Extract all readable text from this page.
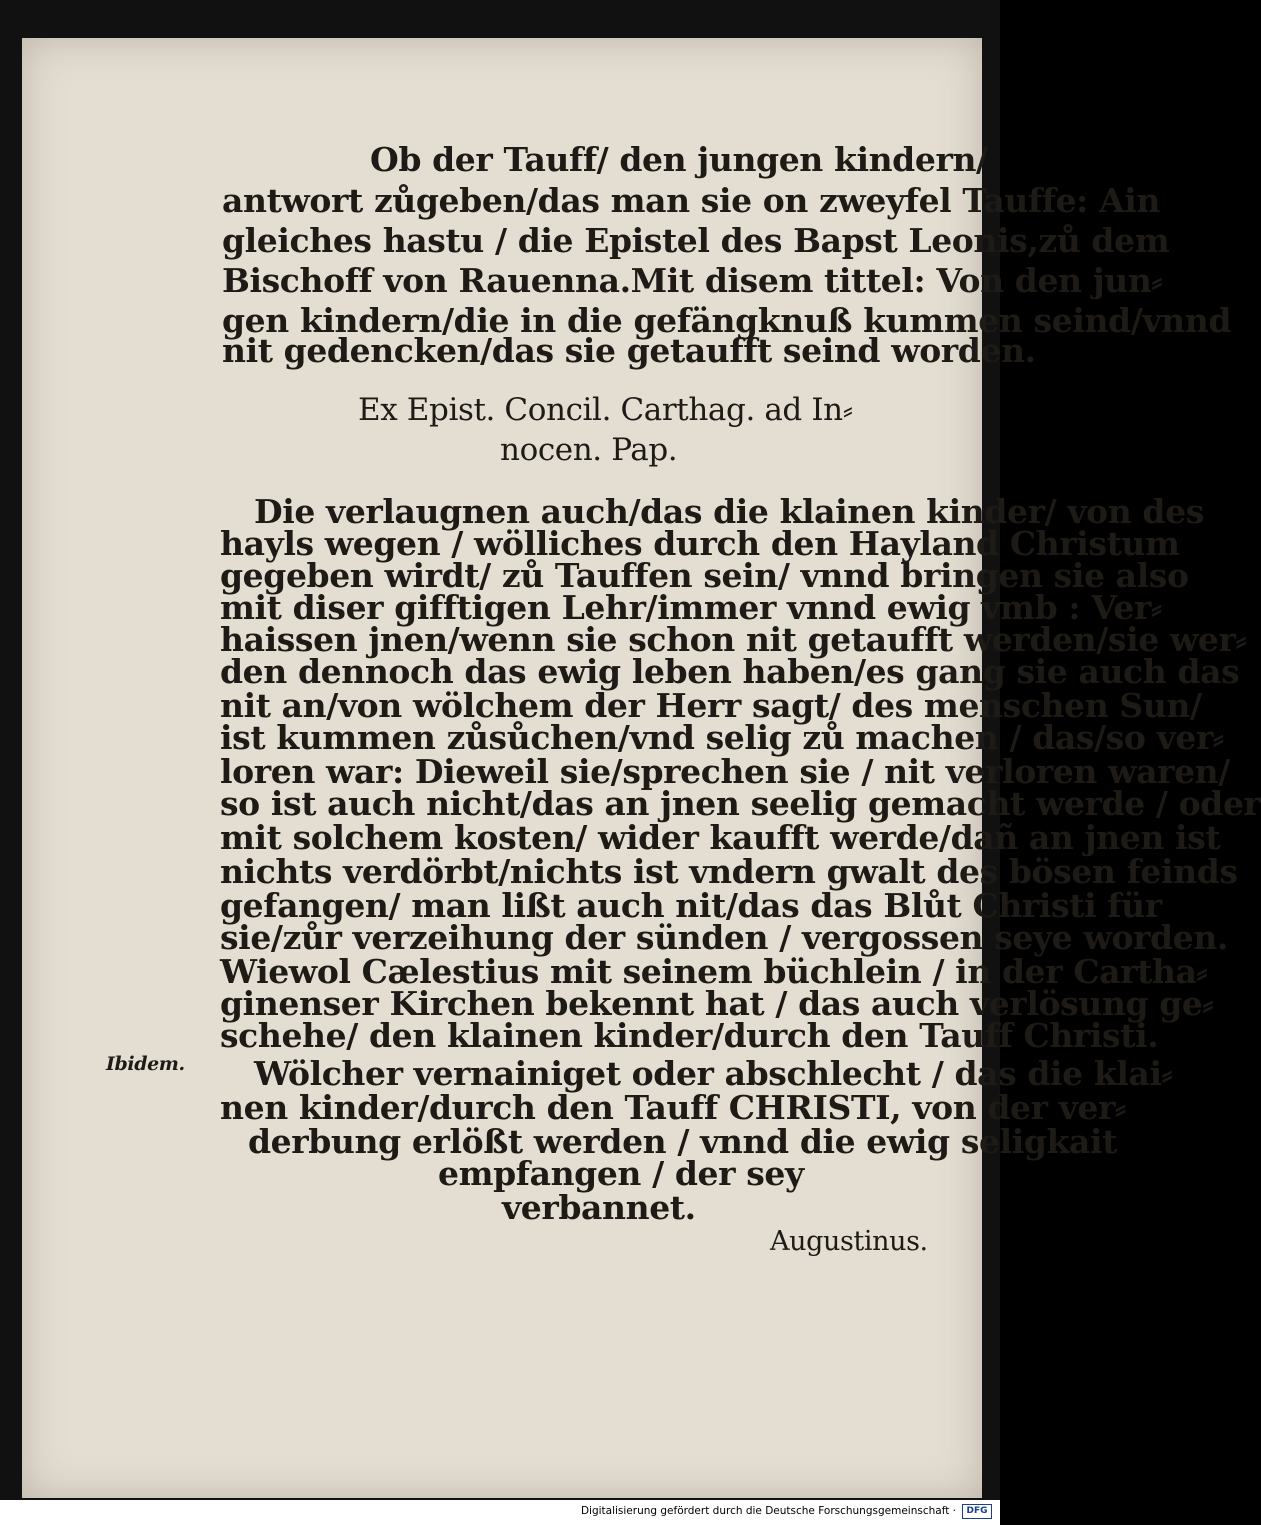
Ob der Tauff/ den jungen kindern/

antwort zůgeben/das man sie on zweyfel Tauffe: Ain

gleiches hastu / die Epistel des Bapst Leonis,zů dem

Bischoff von Rauenna.Mit disem tittel: Von den jun⸗

gen kindern/die in die gefängknuß kummen seind/vnnd

nit gedencken/das sie getaufft seind worden.

Ex Epist. Concil. Carthag. ad In⸗

nocen. Pap.

Die verlaugnen auch/das die klainen kinder/ von des

hayls wegen / wölliches durch den Hayland Christum

gegeben wirdt/ zů Tauffen sein/ vnnd bringen sie also

mit diser gifftigen Lehr/immer vnnd ewig vmb : Ver⸗

haissen jnen/wenn sie schon nit getaufft werden/sie wer⸗

den dennoch das ewig leben haben/es gang sie auch das

nit an/von wölchem der Herr sagt/ des menschen Sun/

ist kummen zůsůchen/vnd selig zů machen / das/so ver⸗

loren war: Dieweil sie/sprechen sie / nit verloren waren/

so ist auch nicht/das an jnen seelig gemacht werde / oder

mit solchem kosten/ wider kaufft werde/dañ an jnen ist

nichts verdörbt/nichts ist vndern gwalt des bösen feinds

gefangen/ man lißt auch nit/das das Blůt Christi für

sie/zůr verzeihung der sünden / vergossen seye worden.

Wiewol Cælestius mit seinem büchlein / in der Cartha⸗

ginenser Kirchen bekennt hat / das auch verlösung ge⸗

schehe/ den klainen kinder/durch den Tauff Christi.

Ibidem. Wölcher vernainiget oder abschlecht / das die klai⸗

nen kinder/durch den Tauff CHRISTI, von der ver⸗

derbung erlößt werden / vnnd die ewig seligkait

empfangen / der sey

verbannet.

Augustinus.

Digitalisierung gefördert durch die Deutsche Forschungsgemeinschaft ·	DFG
